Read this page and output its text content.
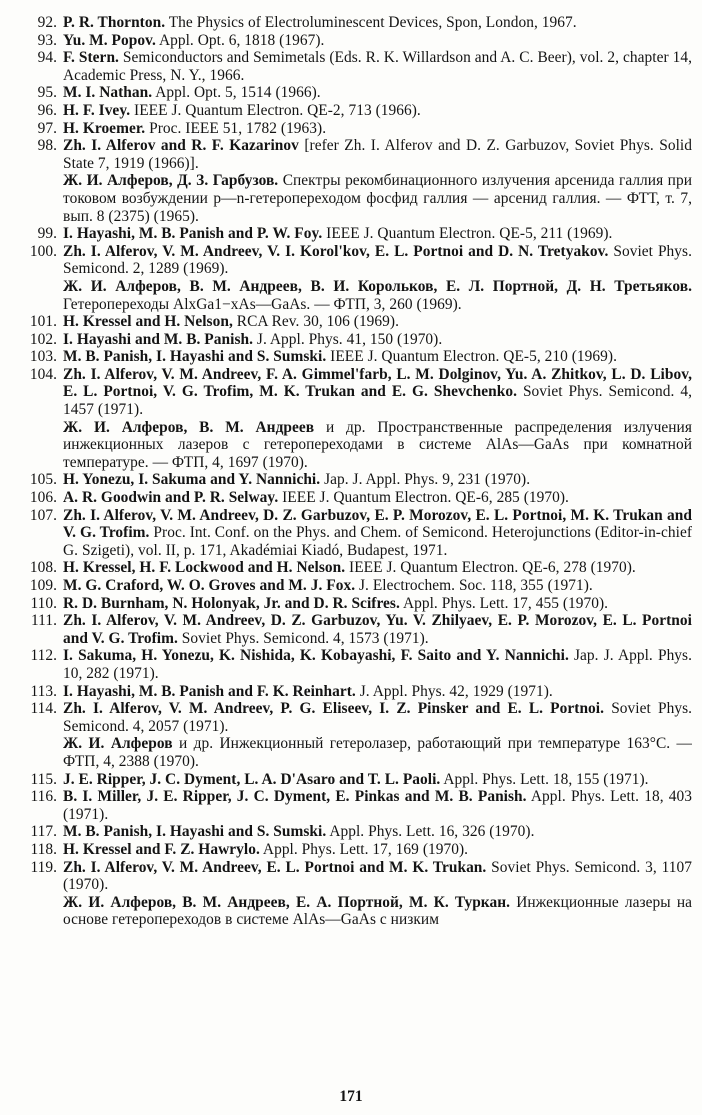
92. P. R. Thornton. The Physics of Electroluminescent Devices, Spon, London, 1967.
93. Yu. M. Popov. Appl. Opt. 6, 1818 (1967).
94. F. Stern. Semiconductors and Semimetals (Eds. R. K. Willardson and A. C. Beer), vol. 2, chapter 14, Academic Press, N. Y., 1966.
95. M. I. Nathan. Appl. Opt. 5, 1514 (1966).
96. H. F. Ivey. IEEE J. Quantum Electron. QE-2, 713 (1966).
97. H. Kroemer. Proc. IEEE 51, 1782 (1963).
98. Zh. I. Alferov and R. F. Kazarinov [refer Zh. I. Alferov and D. Z. Garbuzov, Soviet Phys. Solid State 7, 1919 (1966)].
Ж. И. Алферов, Д. З. Гарбузов. Спектры рекомбинационного излучения арсенида галлия при токовом возбуждении p—n-гетеропереходом фосфид галлия — арсенид галлия. — ФТТ, т. 7, вып. 8 (2375) (1965).
99. I. Hayashi, M. B. Panish and P. W. Foy. IEEE J. Quantum Electron. QE-5, 211 (1969).
100. Zh. I. Alferov, V. M. Andreev, V. I. Korol'kov, E. L. Portnoi and D. N. Tretyakov. Soviet Phys. Semicond. 2, 1289 (1969).
Ж. И. Алферов, В. М. Андреев, В. И. Корольков, Е. Л. Портной, Д. Н. Третьяков. Гетеропереходы AlxGa1−xAs—GaAs. — ФТП, 3, 260 (1969).
101. H. Kressel and H. Nelson, RCA Rev. 30, 106 (1969).
102. I. Hayashi and M. B. Panish. J. Appl. Phys. 41, 150 (1970).
103. M. B. Panish, I. Hayashi and S. Sumski. IEEE J. Quantum Electron. QE-5, 210 (1969).
104. Zh. I. Alferov, V. M. Andreev, F. A. Gimmel'farb, L. M. Dolginov, Yu. A. Zhitkov, L. D. Libov, E. L. Portnoi, V. G. Trofim, M. K. Trukan and E. G. Shevchenko. Soviet Phys. Semicond. 4, 1457 (1971).
Ж. И. Алферов, В. М. Андреев и др. Пространственные распределения излучения инжекционных лазеров с гетеропереходами в системе AlAs—GaAs при комнатной температуре. — ФТП, 4, 1697 (1970).
105. H. Yonezu, I. Sakuma and Y. Nannichi. Jap. J. Appl. Phys. 9, 231 (1970).
106. A. R. Goodwin and P. R. Selway. IEEE J. Quantum Electron. QE-6, 285 (1970).
107. Zh. I. Alferov, V. M. Andreev, D. Z. Garbuzov, E. P. Morozov, E. L. Portnoi, M. K. Trukan and V. G. Trofim. Proc. Int. Conf. on the Phys. and Chem. of Semicond. Heterojunctions (Editor-in-chief G. Szigeti), vol. II, p. 171, Akadémiai Kiadó, Budapest, 1971.
108. H. Kressel, H. F. Lockwood and H. Nelson. IEEE J. Quantum Electron. QE-6, 278 (1970).
109. M. G. Craford, W. O. Groves and M. J. Fox. J. Electrochem. Soc. 118, 355 (1971).
110. R. D. Burnham, N. Holonyak, Jr. and D. R. Scifres. Appl. Phys. Lett. 17, 455 (1970).
111. Zh. I. Alferov, V. M. Andreev, D. Z. Garbuzov, Yu. V. Zhilyaev, E. P. Morozov, E. L. Portnoi and V. G. Trofim. Soviet Phys. Semicond. 4, 1573 (1971).
112. I. Sakuma, H. Yonezu, K. Nishida, K. Kobayashi, F. Saito and Y. Nannichi. Jap. J. Appl. Phys. 10, 282 (1971).
113. I. Hayashi, M. B. Panish and F. K. Reinhart. J. Appl. Phys. 42, 1929 (1971).
114. Zh. I. Alferov, V. M. Andreev, P. G. Eliseev, I. Z. Pinsker and E. L. Portnoi. Soviet Phys. Semicond. 4, 2057 (1971).
Ж. И. Алферов и др. Инжекционный гетеролазер, работающий при температуре 163°С. — ФТП, 4, 2388 (1970).
115. J. E. Ripper, J. C. Dyment, L. A. D'Asaro and T. L. Paoli. Appl. Phys. Lett. 18, 155 (1971).
116. B. I. Miller, J. E. Ripper, J. C. Dyment, E. Pinkas and M. B. Panish. Appl. Phys. Lett. 18, 403 (1971).
117. M. B. Panish, I. Hayashi and S. Sumski. Appl. Phys. Lett. 16, 326 (1970).
118. H. Kressel and F. Z. Hawrylo. Appl. Phys. Lett. 17, 169 (1970).
119. Zh. I. Alferov, V. M. Andreev, E. L. Portnoi and M. K. Trukan. Soviet Phys. Semicond. 3, 1107 (1970).
Ж. И. Алферов, В. М. Андреев, Е. А. Портной, М. К. Туркан. Инжекционные лазеры на основе гетеропереходов в системе AlAs—GaAs с низким
171
